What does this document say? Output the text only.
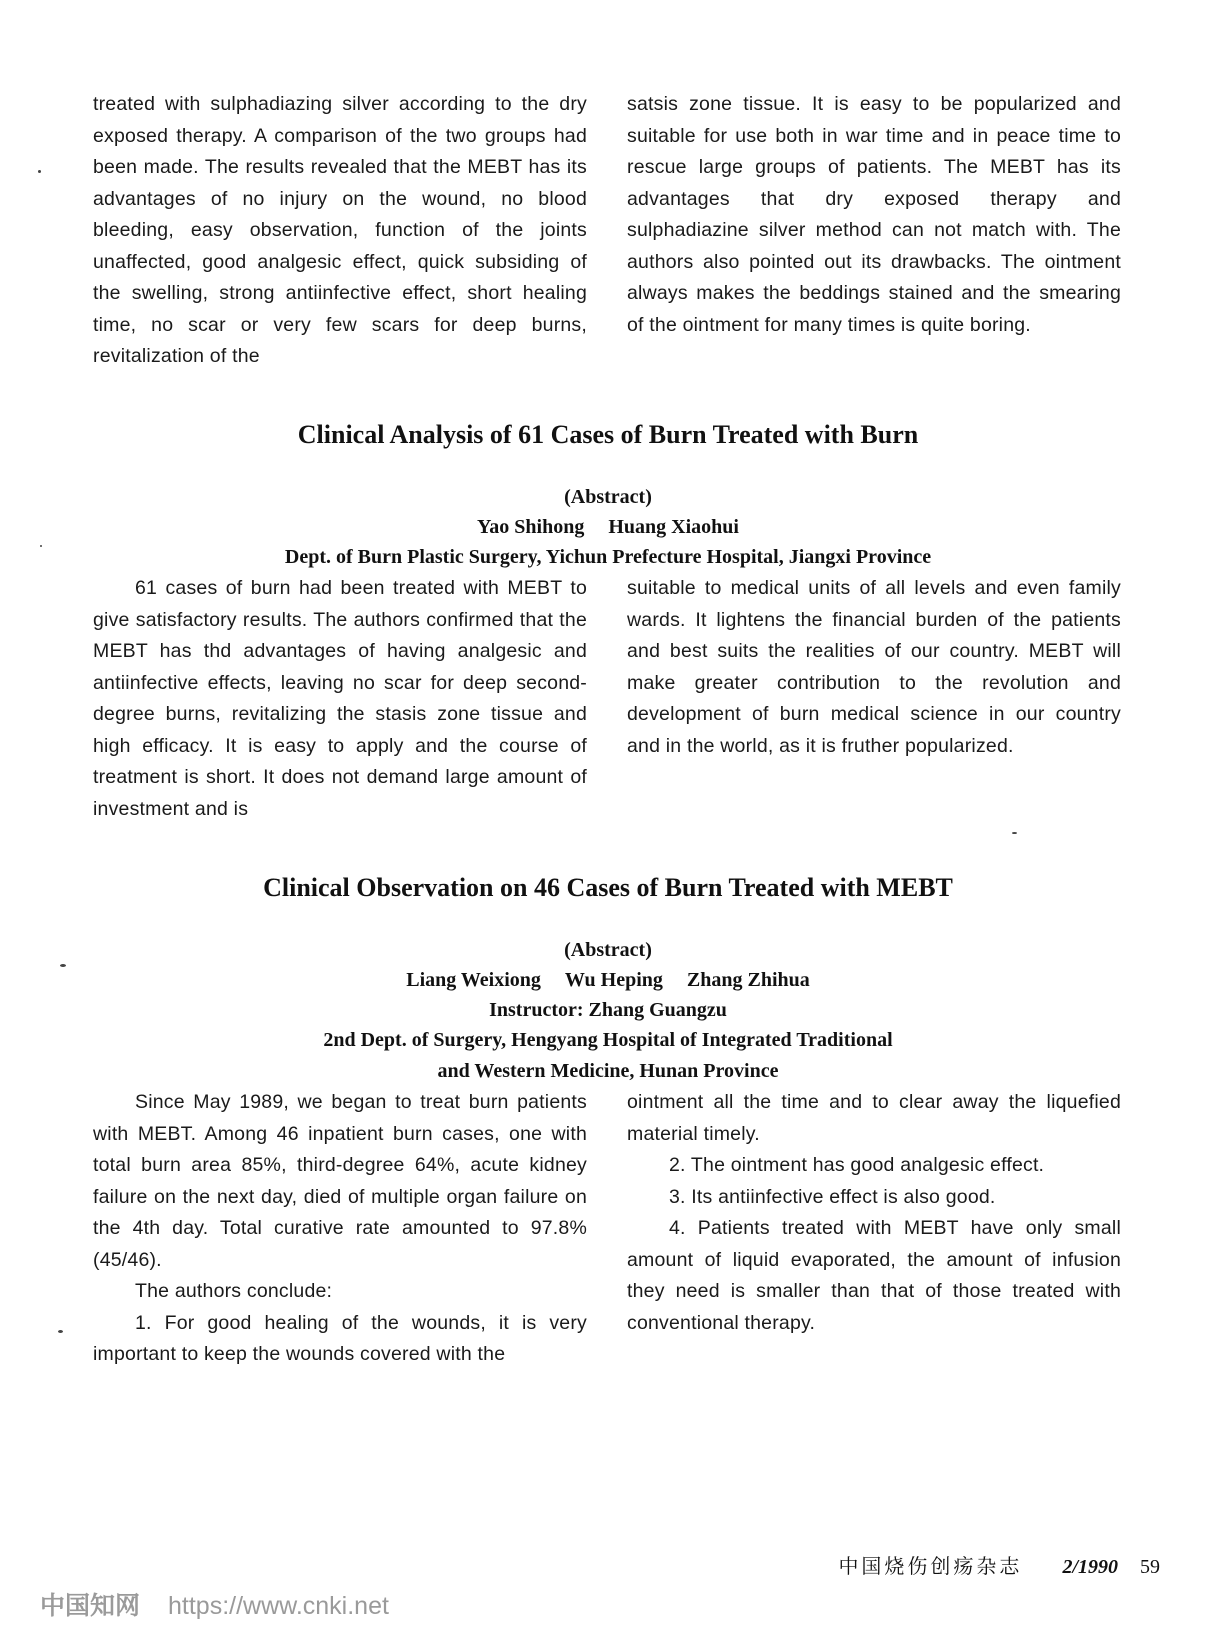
treated with sulphadiazing silver according to the dry exposed therapy. A comparison of the two groups had been made. The results revealed that the MEBT has its advantages of no injury on the wound, no blood bleeding, easy observation, function of the joints unaffected, good analgesic effect, quick subsiding of the swelling, strong antiinfective effect, short healing time, no scar or very few scars for deep burns, revitalization of the

satsis zone tissue. It is easy to be popularized and suitable for use both in war time and in peace time to rescue large groups of patients. The MEBT has its advantages that dry exposed therapy and sulphadiazine silver method can not match with. The authors also pointed out its drawbacks. The ointment always makes the beddings stained and the smearing of the ointment for many times is quite boring.

Clinical Analysis of 61 Cases of Burn Treated with Burn
(Abstract)
Yao Shihong Huang Xiaohui
Dept. of Burn Plastic Surgery, Yichun Prefecture Hospital, Jiangxi Province

61 cases of burn had been treated with MEBT to give satisfactory results. The authors confirmed that the MEBT has thd advantages of having analgesic and antiinfective effects, leaving no scar for deep second-degree burns, revitalizing the stasis zone tissue and high efficacy. It is easy to apply and the course of treatment is short. It does not demand large amount of investment and is

suitable to medical units of all levels and even family wards. It lightens the financial burden of the patients and best suits the realities of our country. MEBT will make greater contribution to the revolution and development of burn medical science in our country and in the world, as it is fruther popularized.

Clinical Observation on 46 Cases of Burn Treated with MEBT
(Abstract)
Liang Weixiong Wu Heping Zhang Zhihua
Instructor: Zhang Guangzu
2nd Dept. of Surgery, Hengyang Hospital of Integrated Traditional
and Western Medicine, Hunan Province

Since May 1989, we began to treat burn patients with MEBT. Among 46 inpatient burn cases, one with total burn area 85%, third-degree 64%, acute kidney failure on the next day, died of multiple organ failure on the 4th day. Total curative rate amounted to 97.8% (45/46).

The authors conclude:

1. For good healing of the wounds, it is very important to keep the wounds covered with the

ointment all the time and to clear away the liquefied material timely.

2. The ointment has good analgesic effect.

3. Its antiinfective effect is also good.

4. Patients treated with MEBT have only small amount of liquid evaporated, the amount of infusion they need is smaller than that of those treated with conventional therapy.

中国烧伤创疡杂志 2/1990 59
中国知网 https://www.cnki.net
